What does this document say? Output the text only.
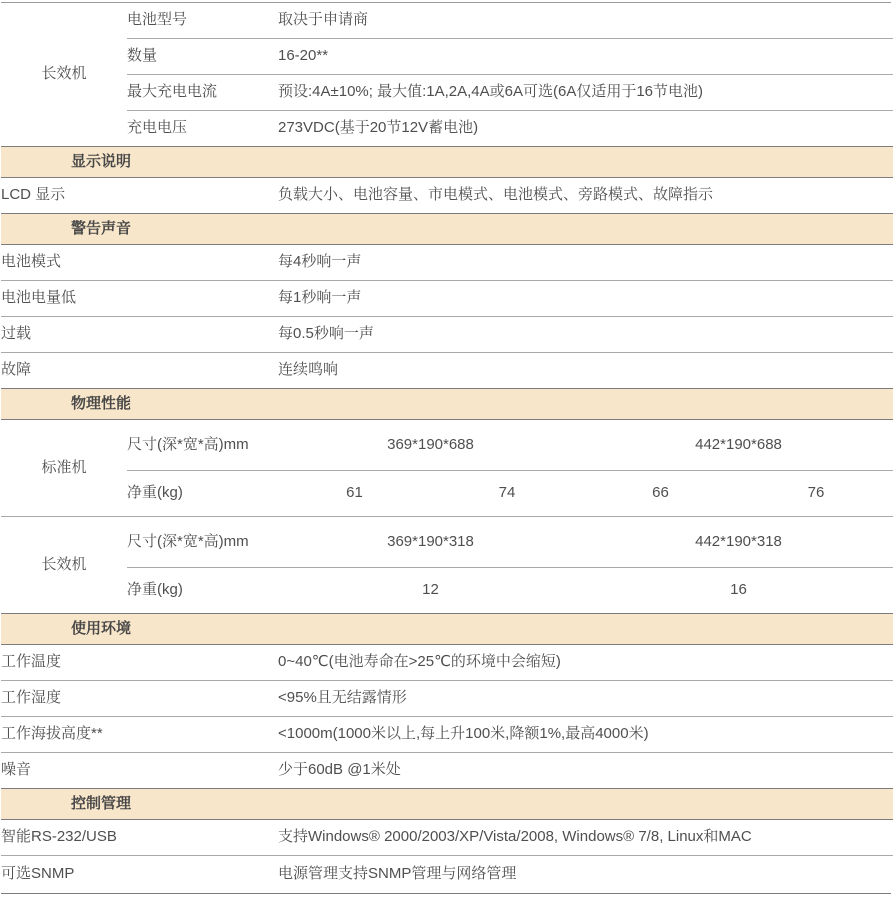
长效机	电池型号	取决于申请商			
	数量	16-20**			
	最大充电电流	预设:4A±10%; 最大值:1A,2A,4A或6A可选(6A仅适用于16节电池)			
	充电电压	273VDC(基于20节12V蓄电池)			
显示说明					
LCD 显示		负载大小、电池容量、市电模式、电池模式、旁路模式、故障指示			
警告声音					
电池模式		每4秒响一声			
电池电量低		每1秒响一声			
过载		每0.5秒响一声			
故障		连续鸣响			
物理性能					
标准机	尺寸(深*宽*高)mm	369*190*688		442*190*688	
	净重(kg)	61	74	66	76
长效机	尺寸(深*宽*高)mm	369*190*318		442*190*318	
	净重(kg)	12		16	
使用环境					
工作温度		0~40℃(电池寿命在>25℃的环境中会缩短)			
工作湿度		<95%且无结露情形			
工作海拔高度**		<1000m(1000米以上,每上升100米,降额1%,最高4000米)			
噪音		少于60dB @1米处			
控制管理					
智能RS-232/USB		支持Windows® 2000/2003/XP/Vista/2008, Windows® 7/8, Linux和MAC			
可选SNMP		电源管理支持SNMP管理与网络管理			
